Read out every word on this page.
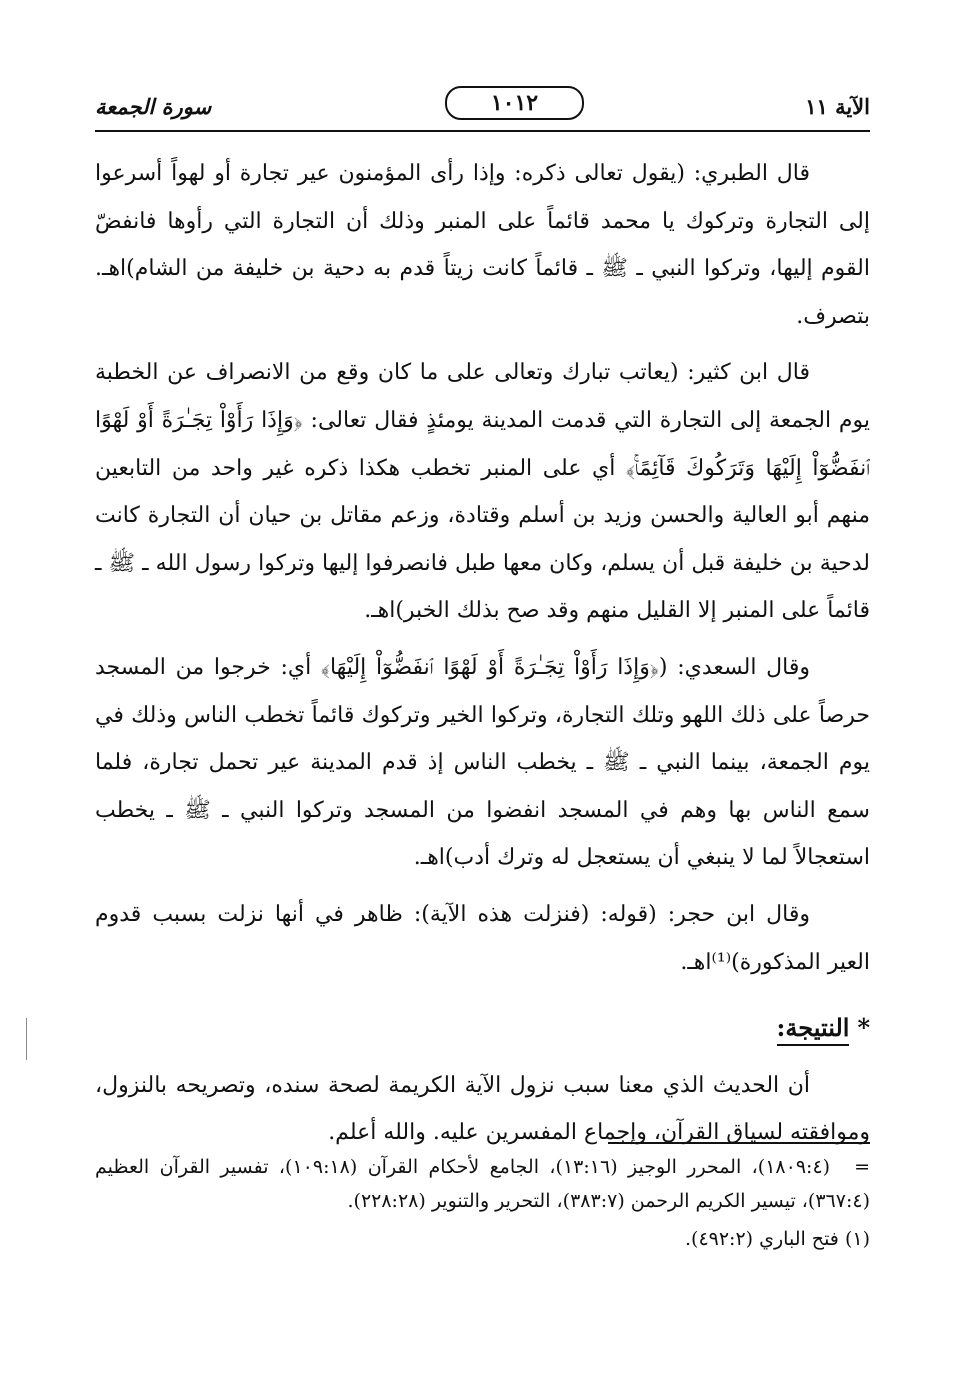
الآية ١١
١٠١٢
سورة الجمعة

قال الطبري: (يقول تعالى ذكره: وإذا رأى المؤمنون عير تجارة أو لهواً أسرعوا إلى التجارة وتركوك يا محمد قائماً على المنبر وذلك أن التجارة التي رأوها فانفضّ القوم إليها، وتركوا النبي ـ ﷺ ـ قائماً كانت زيتاً قدم به دحية بن خليفة من الشام)اهـ. بتصرف.

قال ابن كثير: (يعاتب تبارك وتعالى على ما كان وقع من الانصراف عن الخطبة يوم الجمعة إلى التجارة التي قدمت المدينة يومئذٍ فقال تعالى: ﴿وَإِذَا رَأَوْاْ تِجَـٰرَةً أَوْ لَهْوًا ٱنفَضُّوٓاْ إِلَيْهَا وَتَرَكُوكَ قَآئِمًاۚ﴾ أي على المنبر تخطب هكذا ذكره غير واحد من التابعين منهم أبو العالية والحسن وزيد بن أسلم وقتادة، وزعم مقاتل بن حيان أن التجارة كانت لدحية بن خليفة قبل أن يسلم، وكان معها طبل فانصرفوا إليها وتركوا رسول الله ـ ﷺ ـ قائماً على المنبر إلا القليل منهم وقد صح بذلك الخبر)اهـ.

وقال السعدي: (﴿وَإِذَا رَأَوْاْ تِجَـٰرَةً أَوْ لَهْوًا ٱنفَضُّوٓاْ إِلَيْهَا﴾ أي: خرجوا من المسجد حرصاً على ذلك اللهو وتلك التجارة، وتركوا الخير وتركوك قائماً تخطب الناس وذلك في يوم الجمعة، بينما النبي ـ ﷺ ـ يخطب الناس إذ قدم المدينة عير تحمل تجارة، فلما سمع الناس بها وهم في المسجد انفضوا من المسجد وتركوا النبي ـ ﷺ ـ يخطب استعجالاً لما لا ينبغي أن يستعجل له وترك أدب)اهـ.

وقال ابن حجر: (قوله: (فنزلت هذه الآية): ظاهر في أنها نزلت بسبب قدوم العير المذكورة)⁽¹⁾اهـ.

*النتيجة:

أن الحديث الذي معنا سبب نزول الآية الكريمة لصحة سنده، وتصريحه بالنزول، وموافقته لسياق القرآن، وإجماع المفسرين عليه. والله أعلم.

=(١٨٠٩:٤)، المحرر الوجيز (١٣:١٦)، الجامع لأحكام القرآن (١٠٩:١٨)، تفسير القرآن العظيم (٣٦٧:٤)، تيسير الكريم الرحمن (٣٨٣:٧)، التحرير والتنوير (٢٢٨:٢٨).

(١) فتح الباري (٤٩٢:٢).
